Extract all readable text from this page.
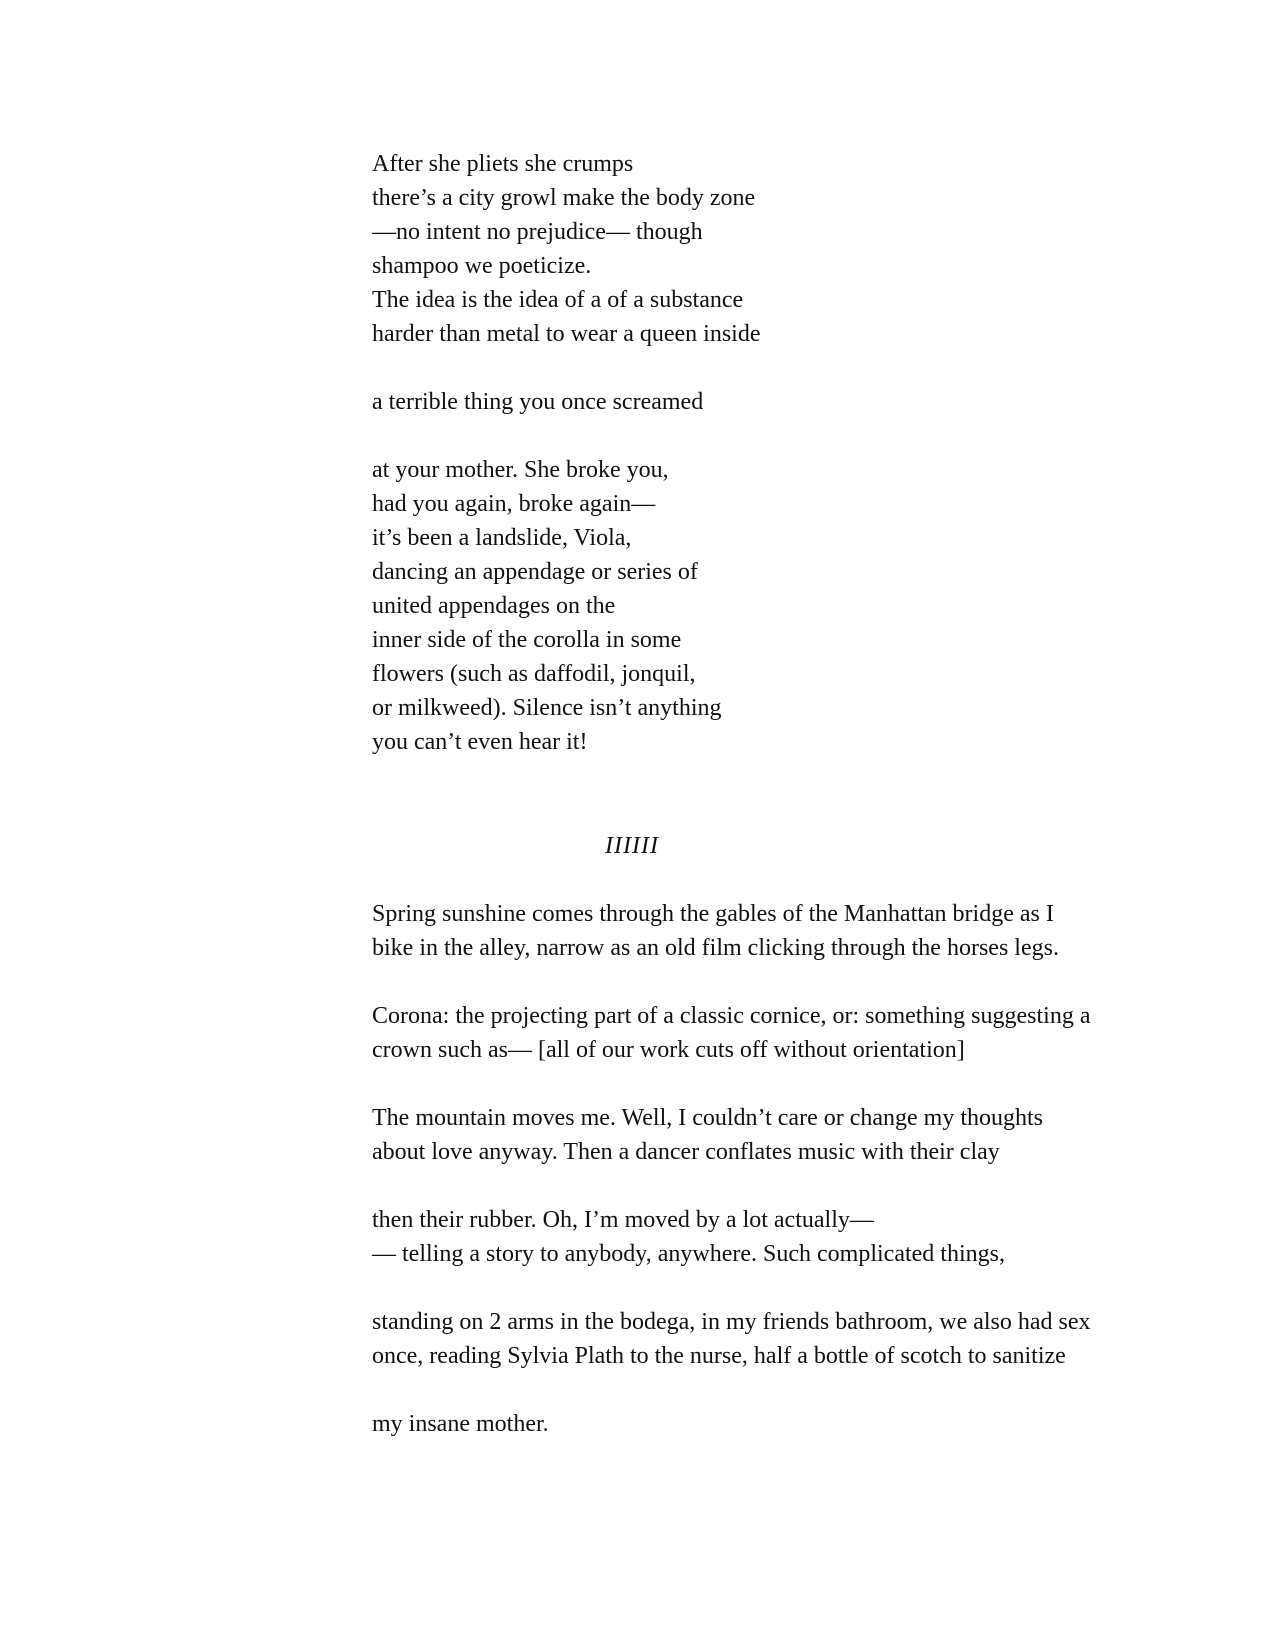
After she pliets she crumps
there’s a city growl make the body zone
—no intent no prejudice— though
shampoo we poeticize.
The idea is the idea of a of a substance
harder than metal to wear a queen inside
a terrible thing you once screamed
at your mother. She broke you,
had you again, broke again—
it’s been a landslide, Viola,
dancing an appendage or series of
united appendages on the
inner side of the corolla in some
flowers (such as daffodil, jonquil,
or milkweed). Silence isn’t anything
you can’t even hear it!
IIIIII
Spring sunshine comes through the gables of the Manhattan bridge as I
bike in the alley, narrow as an old film clicking through the horses legs.
Corona: the projecting part of a classic cornice, or: something suggesting a
crown such as— [all of our work cuts off without orientation]
The mountain moves me. Well, I couldn’t care or change my thoughts
about love anyway. Then a dancer conflates music with their clay
then their rubber. Oh, I’m moved by a lot actually—
— telling a story to anybody, anywhere. Such complicated things,
standing on 2 arms in the bodega, in my friends bathroom, we also had sex
once, reading Sylvia Plath to the nurse, half a bottle of scotch to sanitize
my insane mother.
